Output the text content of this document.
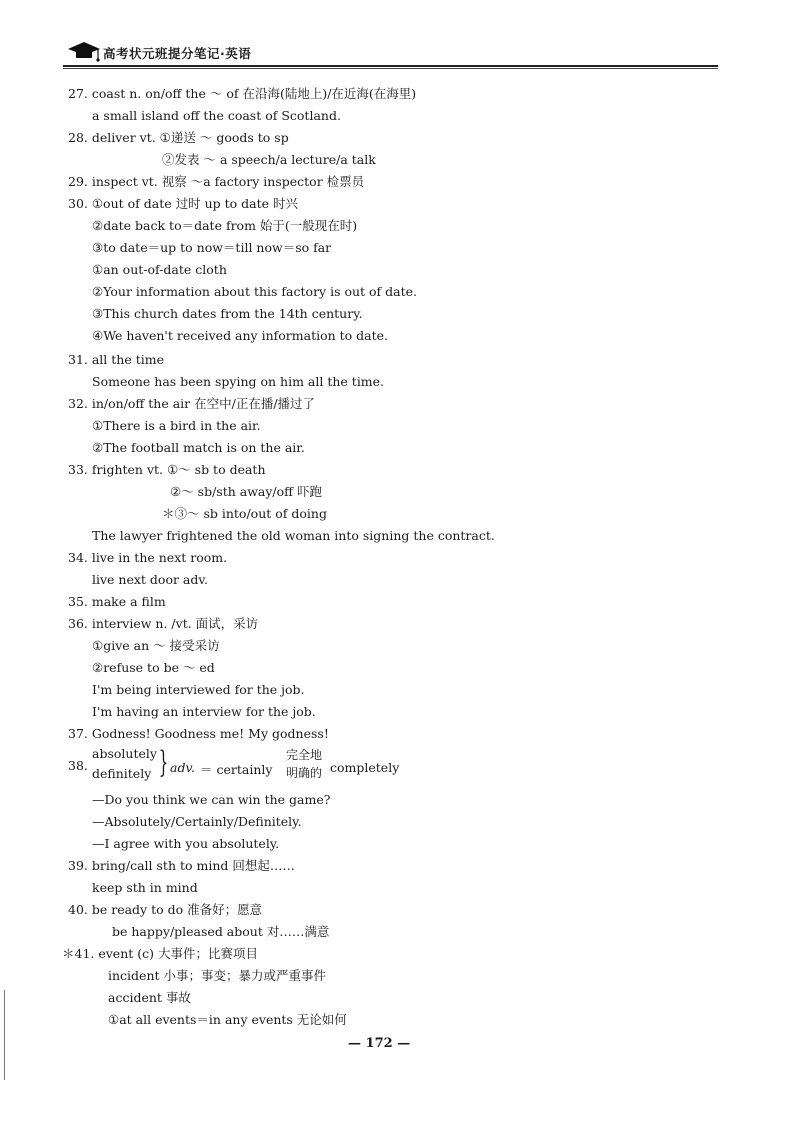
高考状元班提分笔记·英语
27. coast n. on/off the ～ of 在沿海(陆地上)/在近海(在海里)
a small island off the coast of Scotland.
28. deliver vt. ①递送 ～ goods to sp
②发表 ～ a speech/a lecture/a talk
29. inspect vt. 视察 ～a factory inspector 检票员
30. ①out of date 过时 up to date 时兴
②date back to＝date from 始于(一般现在时)
③to date＝up to now＝till now＝so far
①an out-of-date cloth
②Your information about this factory is out of date.
③This church dates from the 14th century.
④We haven't received any information to date.
31. all the time
Someone has been spying on him all the time.
32. in/on/off the air 在空中/正在播/播过了
①There is a bird in the air.
②The football match is on the air.
33. frighten vt. ①～ sb to death
②～ sb/sth away/off 吓跑
＊③～ sb into/out of doing
The lawyer frightened the old woman into signing the contract.
34. live in the next room.
live next door adv.
35. make a film
36. interview n. /vt. 面试，采访
①give an ～ 接受采访
②refuse to be ～ ed
I'm being interviewed for the job.
I'm having an interview for the job.
37. Godness! Goodness me! My godness!
—Do you think we can win the game?
—Absolutely/Certainly/Definitely.
—I agree with you absolutely.
39. bring/call sth to mind 回想起……
keep sth in mind
40. be ready to do 准备好；愿意
be happy/pleased about 对……满意
＊41. event (c) 大事件；比赛项目
incident 小事；事变；暴力或严重事件
accident 事故
①at all events＝in any events 无论如何
38.
absolutely
definitely } adv. ＝ certainly
完全地
明确的 completely
— 172 —
